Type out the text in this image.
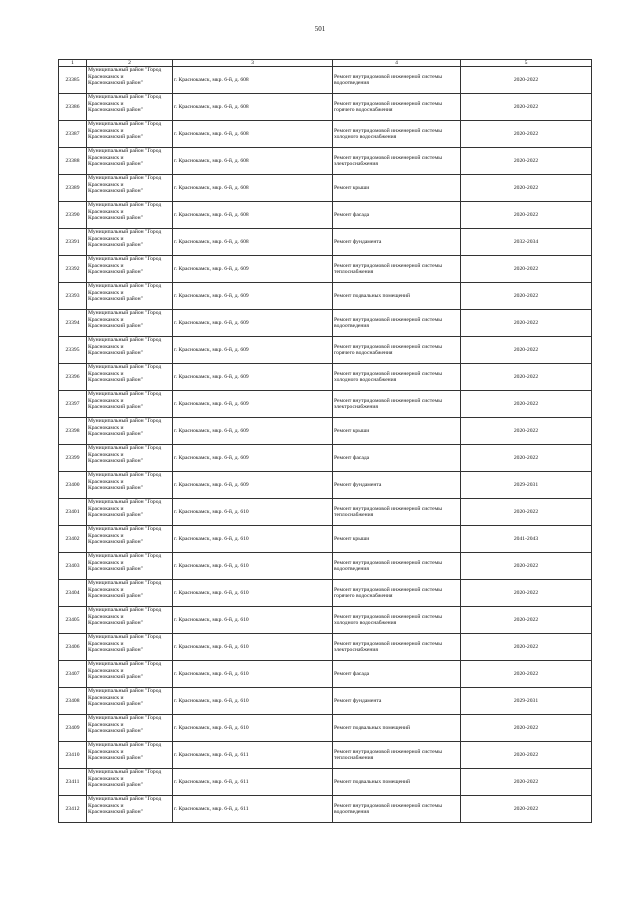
501
1	2	3	4	5
23385	Муниципальный район "Город
Краснокамск и
Краснокамский район"	г. Краснокамск, мкр. 6-й, д. 608	Ремонт внутридомовой инженерной системы
водоотведения	2020-2022
23386	Муниципальный район "Город
Краснокамск и
Краснокамский район"	г. Краснокамск, мкр. 6-й, д. 608	Ремонт внутридомовой инженерной системы
горячего водоснабжения	2020-2022
23387	Муниципальный район "Город
Краснокамск и
Краснокамский район"	г. Краснокамск, мкр. 6-й, д. 608	Ремонт внутридомовой инженерной системы
холодного водоснабжения	2020-2022
23388	Муниципальный район "Город
Краснокамск и
Краснокамский район"	г. Краснокамск, мкр. 6-й, д. 608	Ремонт внутридомовой инженерной системы
электроснабжения	2020-2022
23389	Муниципальный район "Город
Краснокамск и
Краснокамский район"	г. Краснокамск, мкр. 6-й, д. 608	Ремонт крыши	2020-2022
23390	Муниципальный район "Город
Краснокамск и
Краснокамский район"	г. Краснокамск, мкр. 6-й, д. 608	Ремонт фасада	2020-2022
23391	Муниципальный район "Город
Краснокамск и
Краснокамский район"	г. Краснокамск, мкр. 6-й, д. 608	Ремонт фундамента	2032-2034
23392	Муниципальный район "Город
Краснокамск и
Краснокамский район"	г. Краснокамск, мкр. 6-й, д. 609	Ремонт внутридомовой инженерной системы
теплоснабжения	2020-2022
23393	Муниципальный район "Город
Краснокамск и
Краснокамский район"	г. Краснокамск, мкр. 6-й, д. 609	Ремонт подвальных помещений	2020-2022
23394	Муниципальный район "Город
Краснокамск и
Краснокамский район"	г. Краснокамск, мкр. 6-й, д. 609	Ремонт внутридомовой инженерной системы
водоотведения	2020-2022
23395	Муниципальный район "Город
Краснокамск и
Краснокамский район"	г. Краснокамск, мкр. 6-й, д. 609	Ремонт внутридомовой инженерной системы
горячего водоснабжения	2020-2022
23396	Муниципальный район "Город
Краснокамск и
Краснокамский район"	г. Краснокамск, мкр. 6-й, д. 609	Ремонт внутридомовой инженерной системы
холодного водоснабжения	2020-2022
23397	Муниципальный район "Город
Краснокамск и
Краснокамский район"	г. Краснокамск, мкр. 6-й, д. 609	Ремонт внутридомовой инженерной системы
электроснабжения	2020-2022
23398	Муниципальный район "Город
Краснокамск и
Краснокамский район"	г. Краснокамск, мкр. 6-й, д. 609	Ремонт крыши	2020-2022
23399	Муниципальный район "Город
Краснокамск и
Краснокамский район"	г. Краснокамск, мкр. 6-й, д. 609	Ремонт фасада	2020-2022
23400	Муниципальный район "Город
Краснокамск и
Краснокамский район"	г. Краснокамск, мкр. 6-й, д. 609	Ремонт фундамента	2029-2031
23401	Муниципальный район "Город
Краснокамск и
Краснокамский район"	г. Краснокамск, мкр. 6-й, д. 610	Ремонт внутридомовой инженерной системы
теплоснабжения	2020-2022
23402	Муниципальный район "Город
Краснокамск и
Краснокамский район"	г. Краснокамск, мкр. 6-й, д. 610	Ремонт крыши	2041-2043
23403	Муниципальный район "Город
Краснокамск и
Краснокамский район"	г. Краснокамск, мкр. 6-й, д. 610	Ремонт внутридомовой инженерной системы
водоотведения	2020-2022
23404	Муниципальный район "Город
Краснокамск и
Краснокамский район"	г. Краснокамск, мкр. 6-й, д. 610	Ремонт внутридомовой инженерной системы
горячего водоснабжения	2020-2022
23405	Муниципальный район "Город
Краснокамск и
Краснокамский район"	г. Краснокамск, мкр. 6-й, д. 610	Ремонт внутридомовой инженерной системы
холодного водоснабжения	2020-2022
23406	Муниципальный район "Город
Краснокамск и
Краснокамский район"	г. Краснокамск, мкр. 6-й, д. 610	Ремонт внутридомовой инженерной системы
электроснабжения	2020-2022
23407	Муниципальный район "Город
Краснокамск и
Краснокамский район"	г. Краснокамск, мкр. 6-й, д. 610	Ремонт фасада	2020-2022
23408	Муниципальный район "Город
Краснокамск и
Краснокамский район"	г. Краснокамск, мкр. 6-й, д. 610	Ремонт фундамента	2029-2031
23409	Муниципальный район "Город
Краснокамск и
Краснокамский район"	г. Краснокамск, мкр. 6-й, д. 610	Ремонт подвальных помещений	2020-2022
23410	Муниципальный район "Город
Краснокамск и
Краснокамский район"	г. Краснокамск, мкр. 6-й, д. 611	Ремонт внутридомовой инженерной системы
теплоснабжения	2020-2022
23411	Муниципальный район "Город
Краснокамск и
Краснокамский район"	г. Краснокамск, мкр. 6-й, д. 611	Ремонт подвальных помещений	2020-2022
23412	Муниципальный район "Город
Краснокамск и
Краснокамский район"	г. Краснокамск, мкр. 6-й, д. 611	Ремонт внутридомовой инженерной системы
водоотведения	2020-2022
